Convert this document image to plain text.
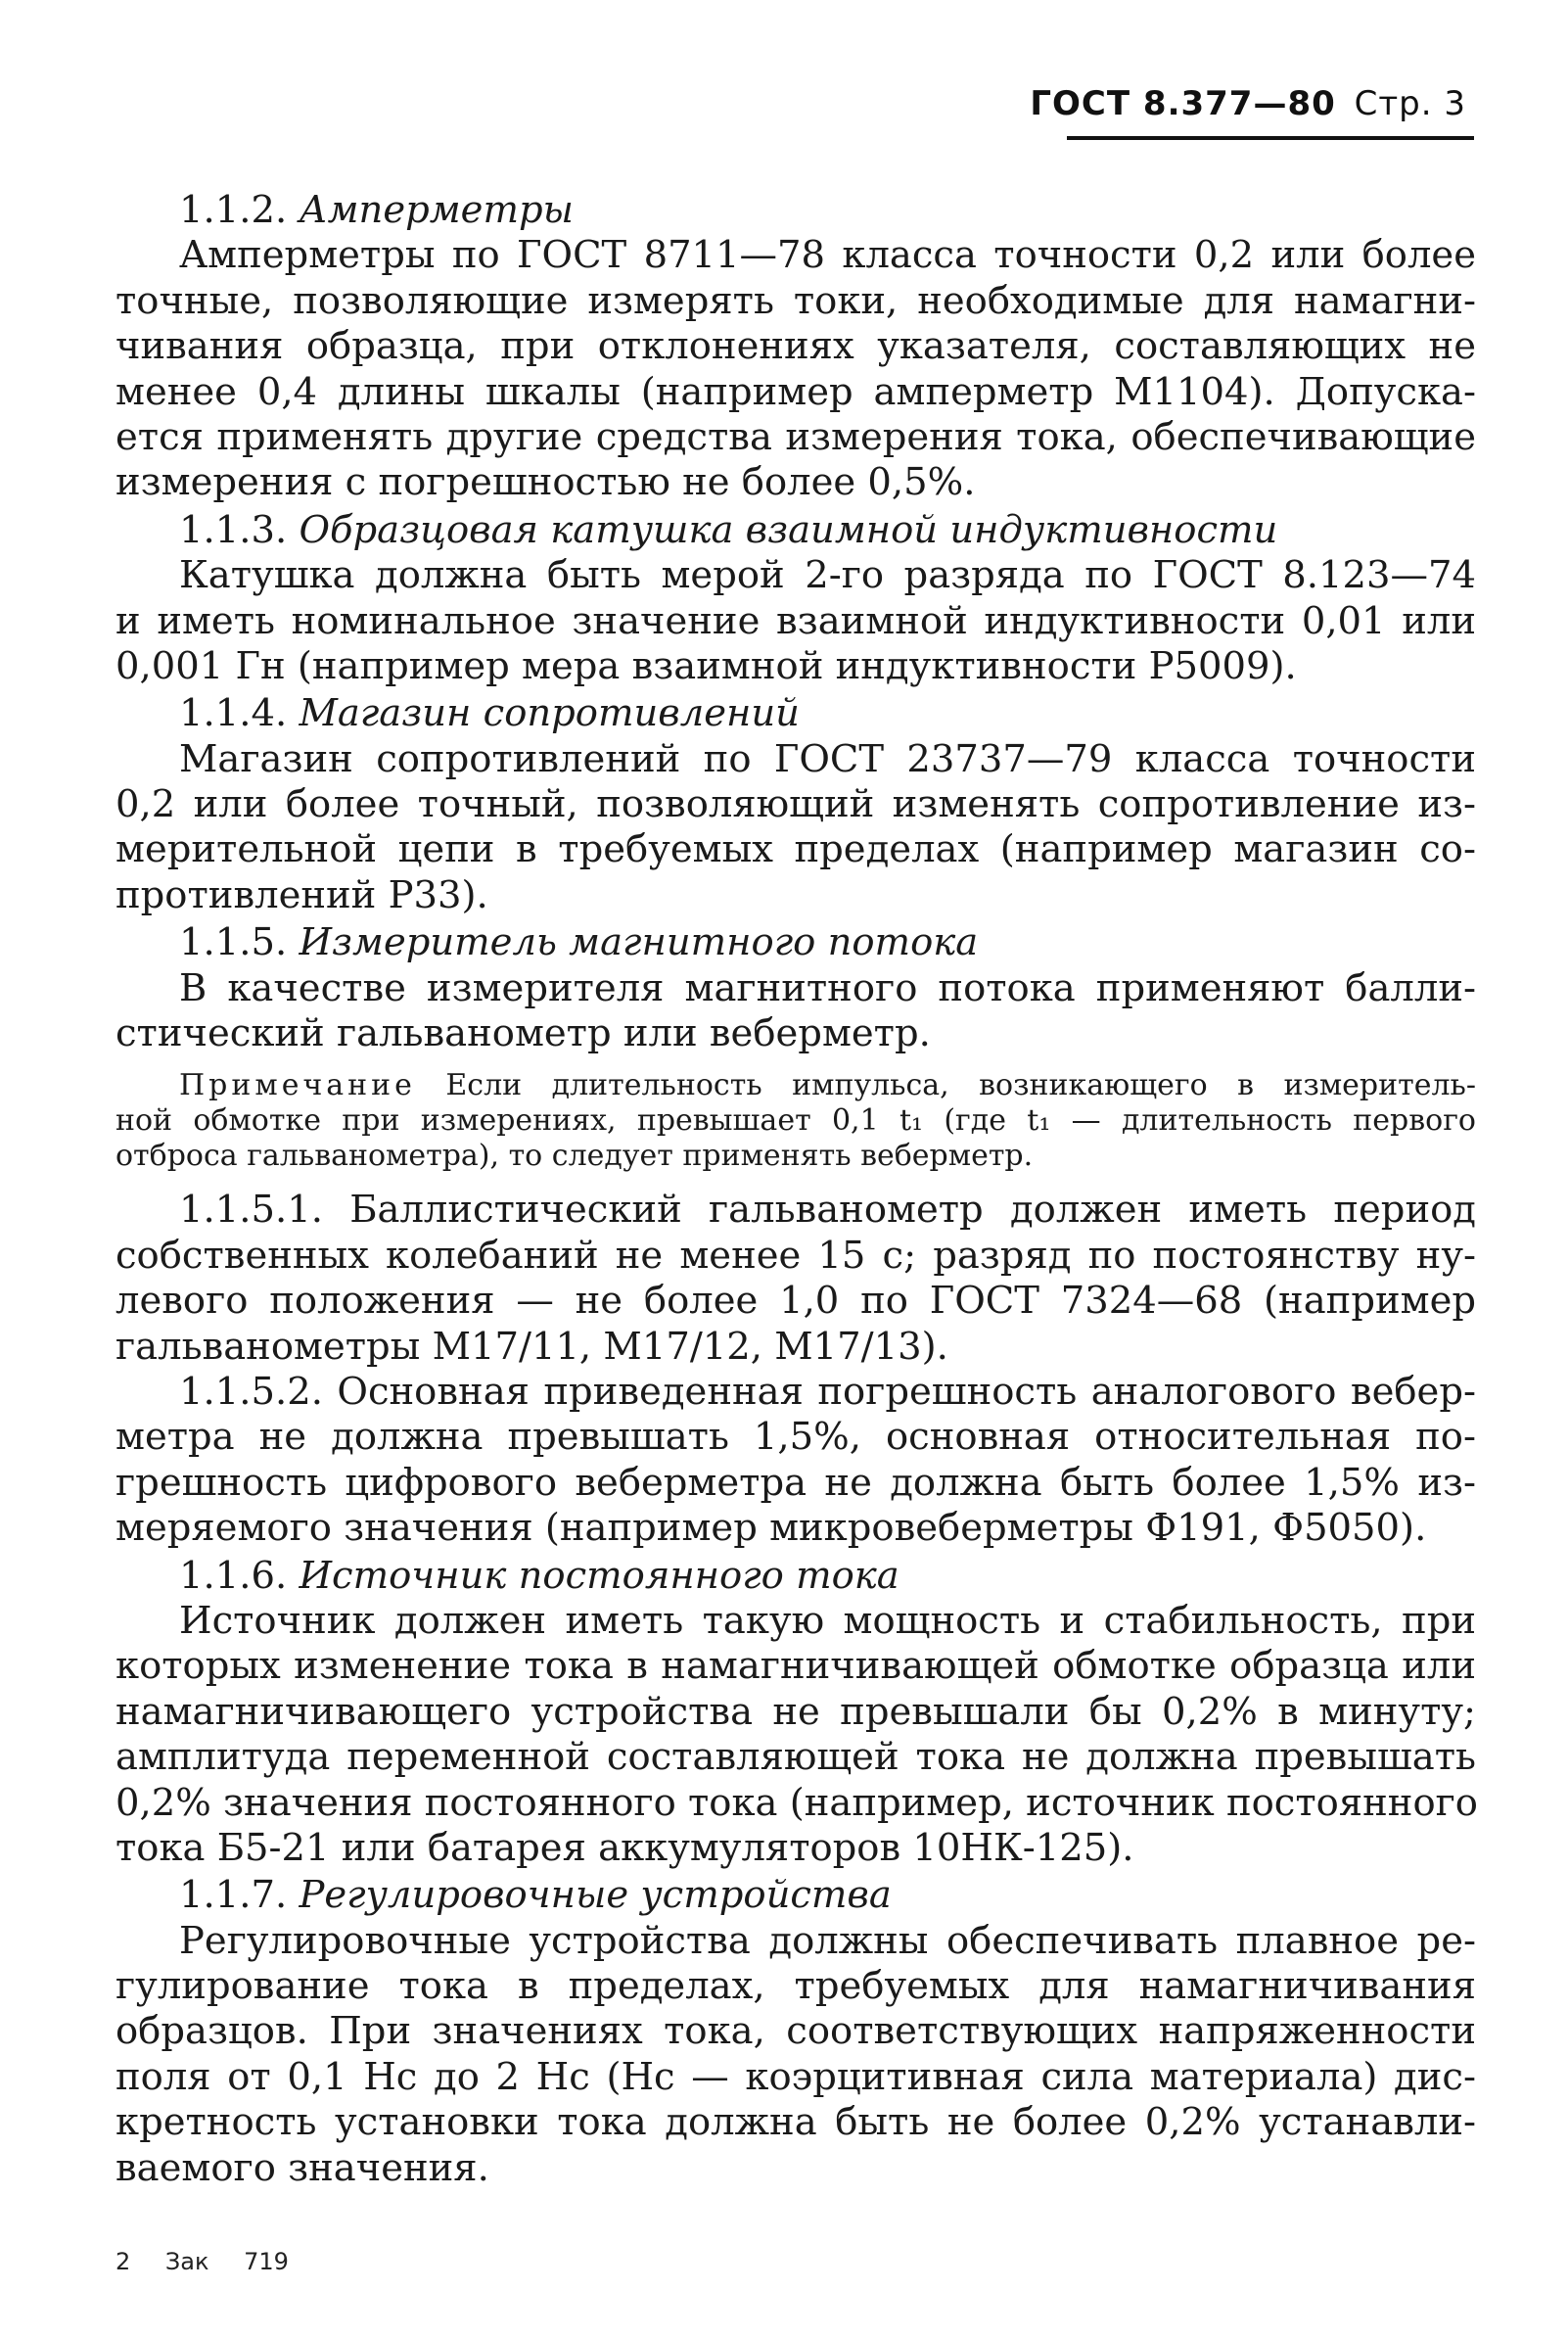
ГОСТ 8.377—80 Стр. 3
1.1.2. Амперметры
Амперметры по ГОСТ 8711—78 класса точности 0,2 или более
точные, позволяющие измерять токи, необходимые для намагни-
чивания образца, при отклонениях указателя, составляющих не
менее 0,4 длины шкалы (например амперметр М1104). Допуска-
ется применять другие средства измерения тока, обеспечивающие
измерения с погрешностью не более 0,5%.
1.1.3. Образцовая катушка взаимной индуктивности
Катушка должна быть мерой 2-го разряда по ГОСТ 8.123—74
и иметь номинальное значение взаимной индуктивности 0,01 или
0,001 Гн (например мера взаимной индуктивности Р5009).
1.1.4. Магазин сопротивлений
Магазин сопротивлений по ГОСТ 23737—79 класса точности
0,2 или более точный, позволяющий изменять сопротивление из-
мерительной цепи в требуемых пределах (например магазин со-
противлений Р33).
1.1.5. Измеритель магнитного потока
В качестве измерителя магнитного потока применяют балли-
стический гальванометр или веберметр.
Примечание Если длительность импульса, возникающего в измеритель-
ной обмотке при измерениях, превышает 0,1 t₁ (где t₁ — длительность первого
отброса гальванометра), то следует применять веберметр.
1.1.5.1. Баллистический гальванометр должен иметь период
собственных колебаний не менее 15 с; разряд по постоянству ну-
левого положения — не более 1,0 по ГОСТ 7324—68 (например
гальванометры М17/11, М17/12, М17/13).
1.1.5.2. Основная приведенная погрешность аналогового вебер-
метра не должна превышать 1,5%, основная относительная по-
грешность цифрового веберметра не должна быть более 1,5% из-
меряемого значения (например микровеберметры Ф191, Ф5050).
1.1.6. Источник постоянного тока
Источник должен иметь такую мощность и стабильность, при
которых изменение тока в намагничивающей обмотке образца или
намагничивающего устройства не превышали бы 0,2% в минуту;
амплитуда переменной составляющей тока не должна превышать
0,2% значения постоянного тока (например, источник постоянного
тока Б5-21 или батарея аккумуляторов 10НК-125).
1.1.7. Регулировочные устройства
Регулировочные устройства должны обеспечивать плавное ре-
гулирование тока в пределах, требуемых для намагничивания
образцов. При значениях тока, соответствующих напряженности
поля от 0,1 Hc до 2 Hc (Hc — коэрцитивная сила материала) дис-
кретность установки тока должна быть не более 0,2% устанавли-
ваемого значения.
2 Зак 719
